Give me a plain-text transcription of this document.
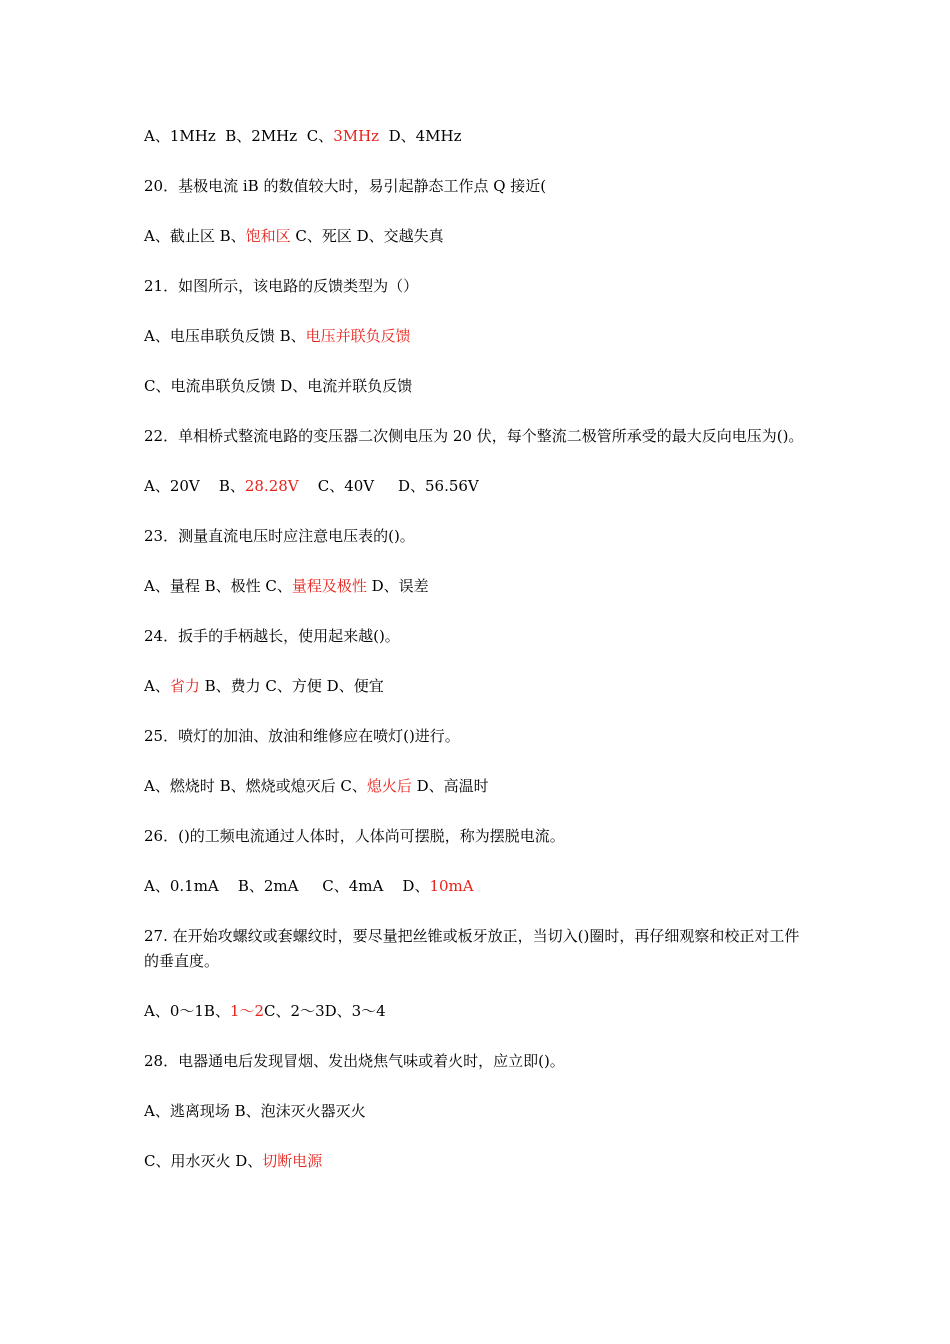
A、1MHz  B、2MHz  C、3MHz  D、4MHz

20．基极电流 iB 的数值较大时，易引起静态工作点 Q 接近(

A、截止区 B、饱和区 C、死区 D、交越失真

21．如图所示，该电路的反馈类型为（）

A、电压串联负反馈 B、电压并联负反馈

C、电流串联负反馈 D、电流并联负反馈

22．单相桥式整流电路的变压器二次侧电压为 20 伏，每个整流二极管所承受的最大反向电压为()。

A、20V    B、28.28V    C、40V     D、56.56V

23．测量直流电压时应注意电压表的()。

A、量程 B、极性 C、量程及极性 D、误差

24．扳手的手柄越长，使用起来越()。

A、省力 B、费力 C、方便 D、便宜

25．喷灯的加油、放油和维修应在喷灯()进行。

A、燃烧时 B、燃烧或熄灭后 C、熄火后 D、高温时

26．()的工频电流通过人体时，人体尚可摆脱，称为摆脱电流。

A、0.1mA    B、2mA     C、4mA    D、10mA

27. 在开始攻螺纹或套螺纹时，要尽量把丝锥或板牙放正，当切入()圈时，再仔细观察和校正对工件的垂直度。

A、0～1B、1～2C、2～3D、3～4

28．电器通电后发现冒烟、发出烧焦气味或着火时，应立即()。

A、逃离现场 B、泡沫灭火器灭火

C、用水灭火 D、切断电源
